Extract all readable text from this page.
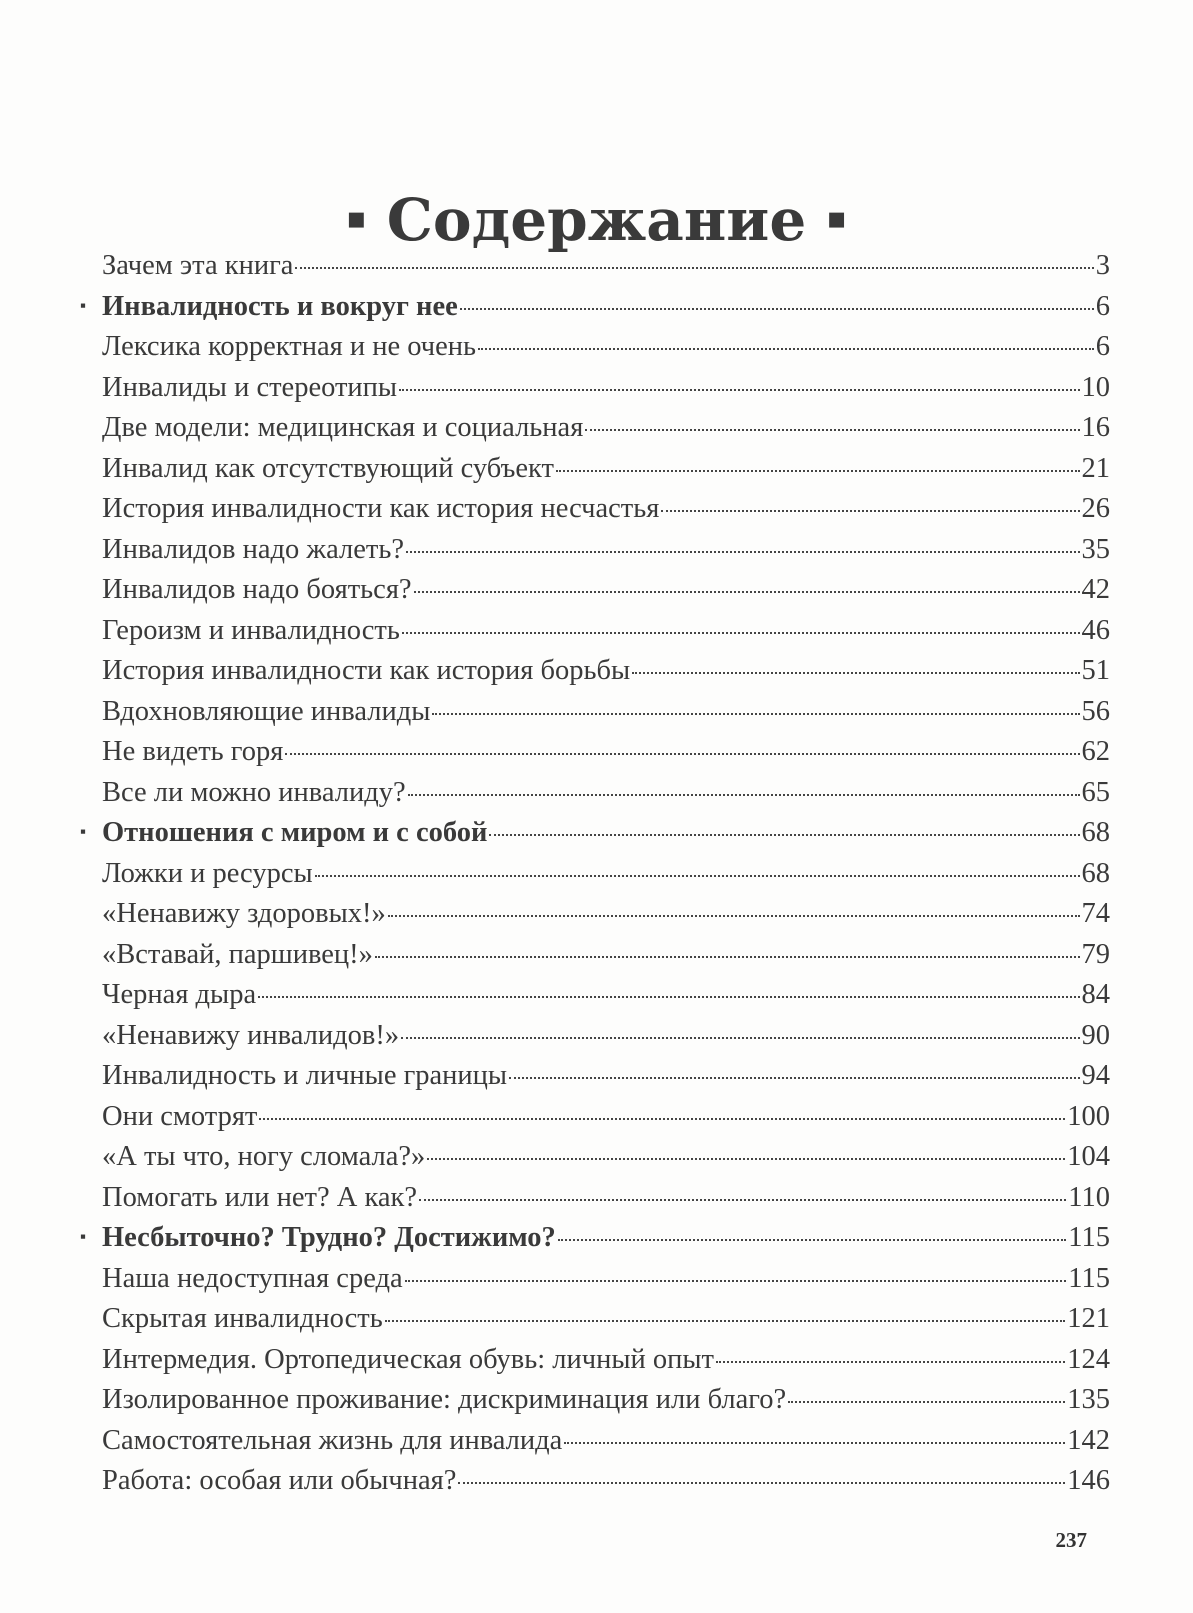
▪ Содержание ▪
Зачем эта книга	3
▪ Инвалидность и вокруг нее	6
Лексика корректная и не очень	6
Инвалиды и стереотипы	10
Две модели: медицинская и социальная	16
Инвалид как отсутствующий субъект	21
История инвалидности как история несчастья	26
Инвалидов надо жалеть?	35
Инвалидов надо бояться?	42
Героизм и инвалидность	46
История инвалидности как история борьбы	51
Вдохновляющие инвалиды	56
Не видеть горя	62
Все ли можно инвалиду?	65
▪ Отношения с миром и с собой	68
Ложки и ресурсы	68
«Ненавижу здоровых!»	74
«Вставай, паршивец!»	79
Черная дыра	84
«Ненавижу инвалидов!»	90
Инвалидность и личные границы	94
Они смотрят	100
«А ты что, ногу сломала?»	104
Помогать или нет? А как?	110
▪ Несбыточно? Трудно? Достижимо?	115
Наша недоступная среда	115
Скрытая инвалидность	121
Интермедия. Ортопедическая обувь: личный опыт	124
Изолированное проживание: дискриминация или благо?	135
Самостоятельная жизнь для инвалида	142
Работа: особая или обычная?	146
237
